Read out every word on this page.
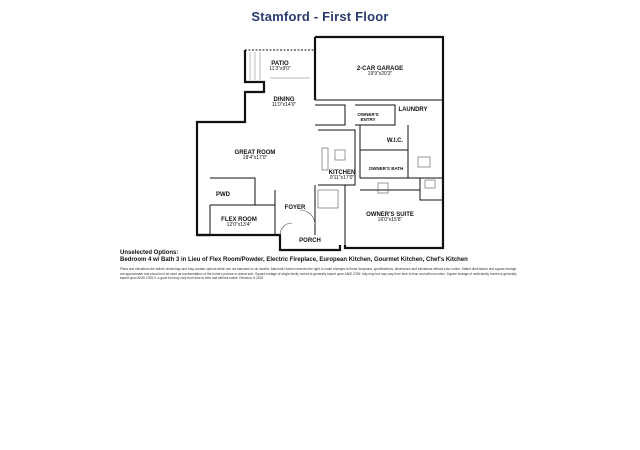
Stamford - First Floor
PATIO
11'3"x9'0"	2-CAR GARAGE
19'9"x20'3"
DINING
11'0"x14'0"
OWNER'S ENTRY
LAUNDRY
GREAT ROOM
18'4"x17'0"
W.I.C.
OWNER'S BATH
KITCHEN
9'11"x17'0"
PWD
FLEX ROOM
12'0"x13'4"
FOYER
OWNER'S SUITE
16'0"x15'8"
PORCH
Unselected Options:
Bedroom 4 w/ Bath 3 in Lieu of Flex Room/Powder, Electric Fireplace, European Kitchen, Gourmet Kitchen, Chef's Kitchen
Plans and elevations are artist's renderings and may contain options which are not standard on all models. Maronda Homes reserves the right to make changes to these floorplans, specifications, dimensions and elevations without prior notice. Stated dimensions and square footage are approximate and should not be used as representation of the home's precise or actual size. Square footage of single family homes is generally based upon ANSI Z765; fully may but may vary from time to time and without notice. Square footage of multi-family homes is generally based upon ANSI Z765-3; a good but may vary from time to time and without notice. Revision: 8.2023
